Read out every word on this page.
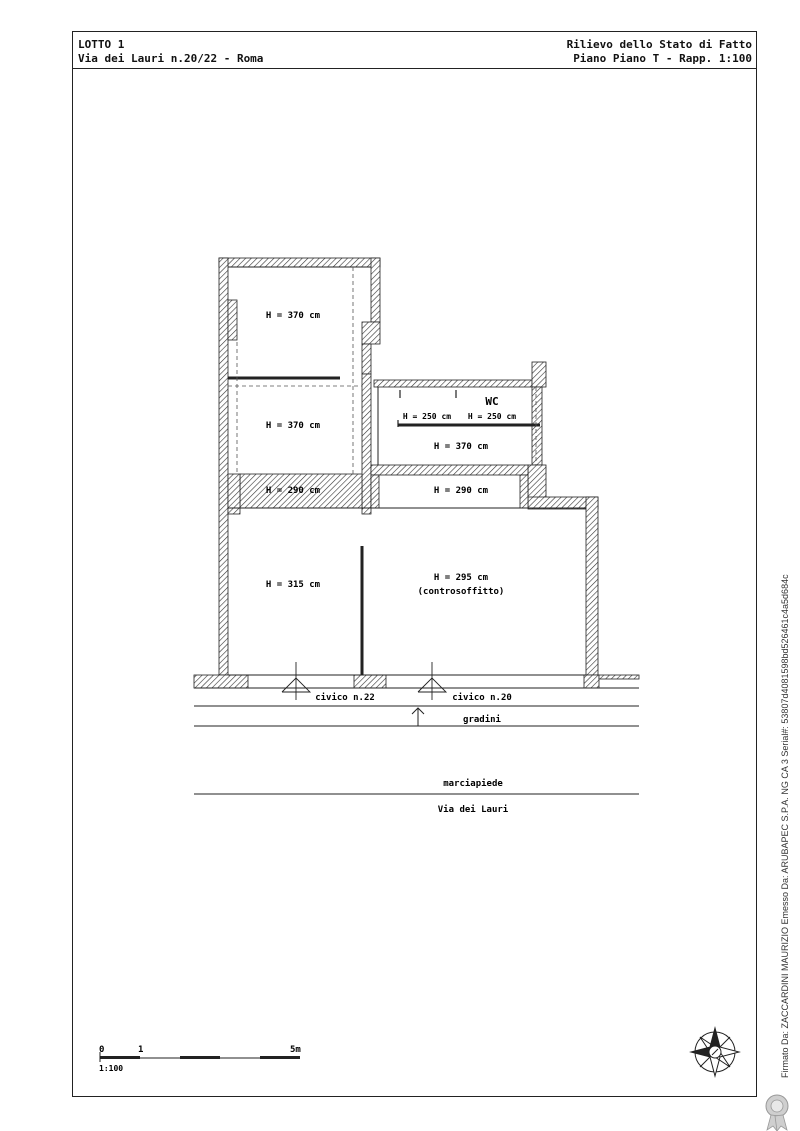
LOTTO 1
Via dei Lauri n.20/22 - Roma
Rilievo dello Stato di Fatto
Piano Piano T - Rapp. 1:100
H = 370 cm
H = 370 cm
WC
H = 250 cm H = 250 cm
H = 370 cm
H = 290 cm	H = 290 cm
H = 315 cm
H = 295 cm
(controsoffitto)
civico n.22	civico n.20
gradini
marciapiede
Via dei Lauri
0	1	5m
1:100	Firmato Da: ZACCARDINI MAURIZIO Emesso Da: ARUBAPEC S.P.A. NG CA 3 Serial#: 53807d4081598bd526461c4a5d684c
